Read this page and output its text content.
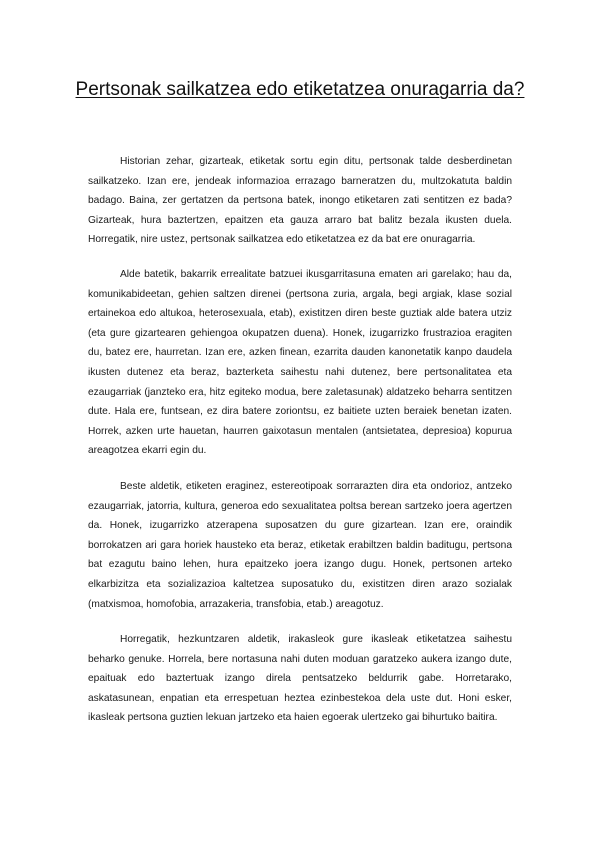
Pertsonak sailkatzea edo etiketatzea onuragarria da?

Historian zehar, gizarteak, etiketak sortu egin ditu, pertsonak talde desberdinetan sailkatzeko. Izan ere, jendeak informazioa errazago barneratzen du, multzokatuta baldin badago. Baina, zer gertatzen da pertsona batek, inongo etiketaren zati sentitzen ez bada? Gizarteak, hura baztertzen, epaitzen eta gauza arraro bat balitz bezala ikusten duela. Horregatik, nire ustez, pertsonak sailkatzea edo etiketatzea ez da bat ere onuragarria.

Alde batetik, bakarrik errealitate batzuei ikusgarritasuna ematen ari garelako; hau da, komunikabideetan, gehien saltzen direnei (pertsona zuria, argala, begi argiak, klase sozial ertainekoa edo altukoa, heterosexuala, etab), existitzen diren beste guztiak alde batera utziz (eta gure gizartearen gehiengoa okupatzen duena). Honek, izugarrizko frustrazioa eragiten du, batez ere, haurretan. Izan ere, azken finean, ezarrita dauden kanonetatik kanpo daudela ikusten dutenez eta beraz, bazterketa saihestu nahi dutenez, bere pertsonalitatea eta ezaugarriak (janzteko era, hitz egiteko modua, bere zaletasunak) aldatzeko beharra sentitzen dute. Hala ere, funtsean, ez dira batere zoriontsu, ez baitiete uzten beraiek benetan izaten. Horrek, azken urte hauetan, haurren gaixotasun mentalen (antsietatea, depresioa) kopurua areagotzea ekarri egin du.

Beste aldetik, etiketen eraginez, estereotipoak sorrarazten dira eta ondorioz, antzeko ezaugarriak, jatorria, kultura, generoa edo sexualitatea poltsa berean sartzeko joera agertzen da. Honek, izugarrizko atzerapena suposatzen du gure gizartean. Izan ere, oraindik borrokatzen ari gara horiek hausteko eta beraz, etiketak erabiltzen baldin baditugu, pertsona bat ezagutu baino lehen, hura epaitzeko joera izango dugu. Honek, pertsonen arteko elkarbizitza eta sozializazioa kaltetzea suposatuko du, existitzen diren arazo sozialak (matxismoa, homofobia, arrazakeria, transfobia, etab.) areagotuz.

Horregatik, hezkuntzaren aldetik, irakasleok gure ikasleak etiketatzea saihestu beharko genuke. Horrela, bere nortasuna nahi duten moduan garatzeko aukera izango dute, epaituak edo baztertuak izango direla pentsatzeko beldurrik gabe. Horretarako, askatasunean, enpatian eta errespetuan heztea ezinbestekoa dela uste dut. Honi esker, ikasleak pertsona guztien lekuan jartzeko eta haien egoerak ulertzeko gai bihurtuko baitira.
